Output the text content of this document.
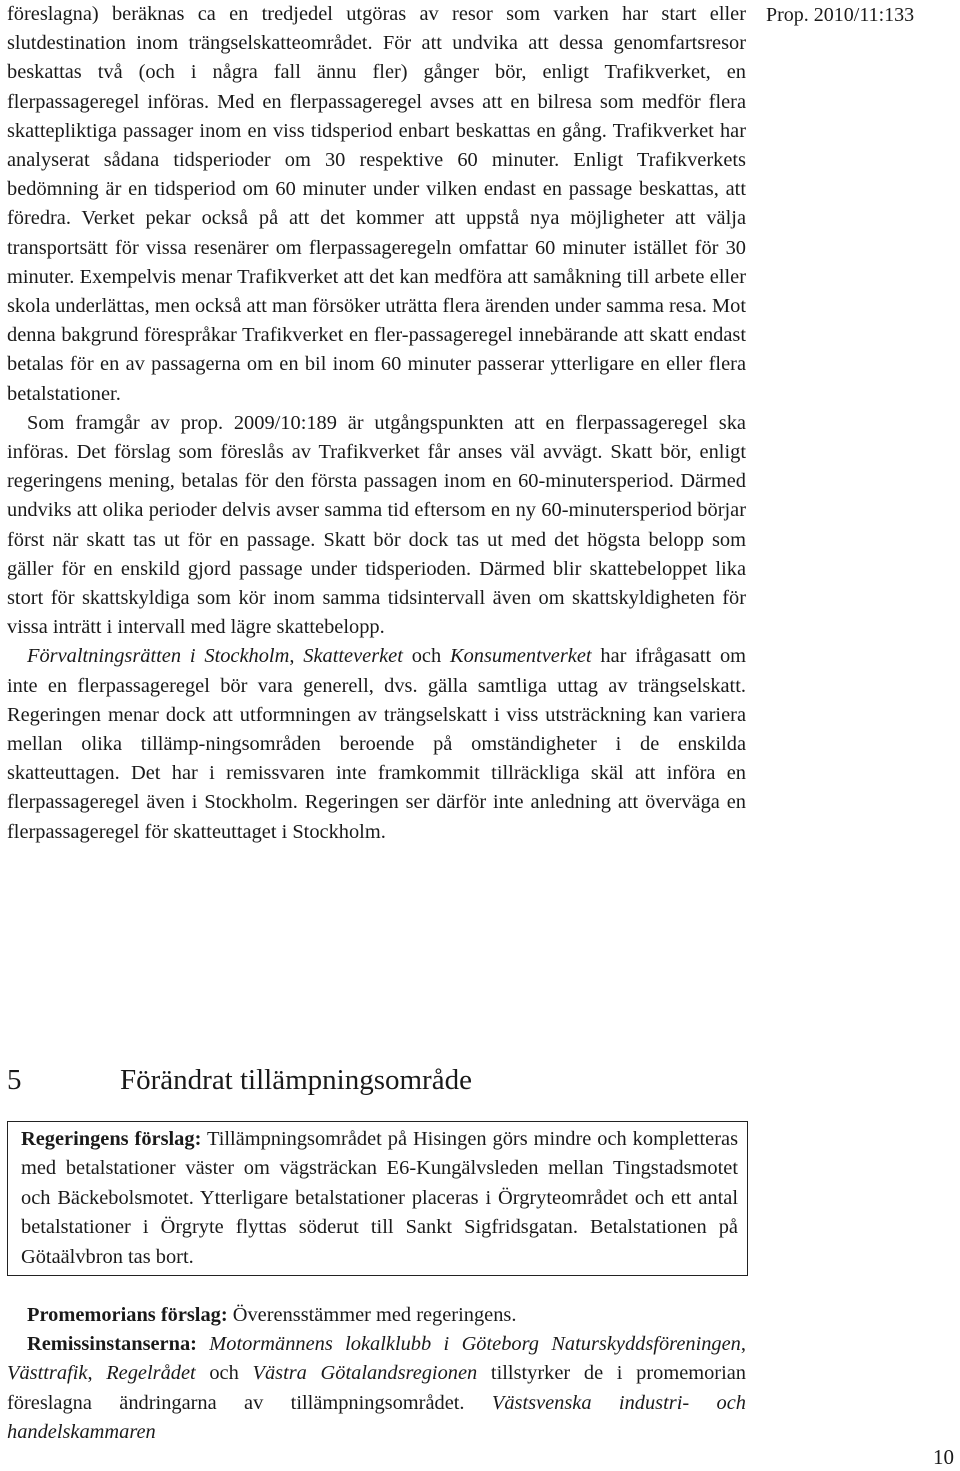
Prop. 2010/11:133

föreslagna) beräknas ca en tredjedel utgöras av resor som varken har start eller slutdestination inom trängselskatteområdet. För att undvika att dessa genomfartsresor beskattas två (och i några fall ännu fler) gånger bör, enligt Trafikverket, en flerpassageregel införas. Med en flerpassageregel avses att en bilresa som medför flera skattepliktiga passager inom en viss tidsperiod enbart beskattas en gång. Trafikverket har analyserat sådana tidsperioder om 30 respektive 60 minuter. Enligt Trafikverkets bedömning är en tidsperiod om 60 minuter under vilken endast en passage beskattas, att föredra. Verket pekar också på att det kommer att uppstå nya möjligheter att välja transportsätt för vissa resenärer om flerpassageregeln omfattar 60 minuter istället för 30 minuter. Exempelvis menar Trafikverket att det kan medföra att samåkning till arbete eller skola underlättas, men också att man försöker uträtta flera ärenden under samma resa. Mot denna bakgrund förespråkar Trafikverket en fler-passageregel innebärande att skatt endast betalas för en av passagerna om en bil inom 60 minuter passerar ytterligare en eller flera betalstationer.

Som framgår av prop. 2009/10:189 är utgångspunkten att en flerpassageregel ska införas. Det förslag som föreslås av Trafikverket får anses väl avvägt. Skatt bör, enligt regeringens mening, betalas för den första passagen inom en 60-minutersperiod. Därmed undviks att olika perioder delvis avser samma tid eftersom en ny 60-minutersperiod börjar först när skatt tas ut för en passage. Skatt bör dock tas ut med det högsta belopp som gäller för en enskild gjord passage under tidsperioden. Därmed blir skattebeloppet lika stort för skattskyldiga som kör inom samma tidsintervall även om skattskyldigheten för vissa inträtt i intervall med lägre skattebelopp.

Förvaltningsrätten i Stockholm, Skatteverket och Konsumentverket har ifrågasatt om inte en flerpassageregel bör vara generell, dvs. gälla samtliga uttag av trängselskatt. Regeringen menar dock att utformningen av trängselskatt i viss utsträckning kan variera mellan olika tillämp-ningsområden beroende på omständigheter i de enskilda skatteuttagen. Det har i remissvaren inte framkommit tillräckliga skäl att införa en flerpassageregel även i Stockholm. Regeringen ser därför inte anledning att överväga en flerpassageregel för skatteuttaget i Stockholm.

5	Förändrat tillämpningsområde

Regeringens förslag: Tillämpningsområdet på Hisingen görs mindre och kompletteras med betalstationer väster om vägsträckan E6-Kungälvsleden mellan Tingstadsmotet och Bäckebolsmotet. Ytterligare betalstationer placeras i Örgryteområdet och ett antal betalstationer i Örgryte flyttas söderut till Sankt Sigfridsgatan. Betalstationen på Götaälvbron tas bort.

Promemorians förslag: Överensstämmer med regeringens.

Remissinstanserna: Motormännens lokalklubb i Göteborg Naturskyddsföreningen, Västtrafik, Regelrådet och Västra Götalandsregionen tillstyrker de i promemorian föreslagna ändringarna av tillämpningsområdet. Västsvenska industri- och handelskammaren

10
